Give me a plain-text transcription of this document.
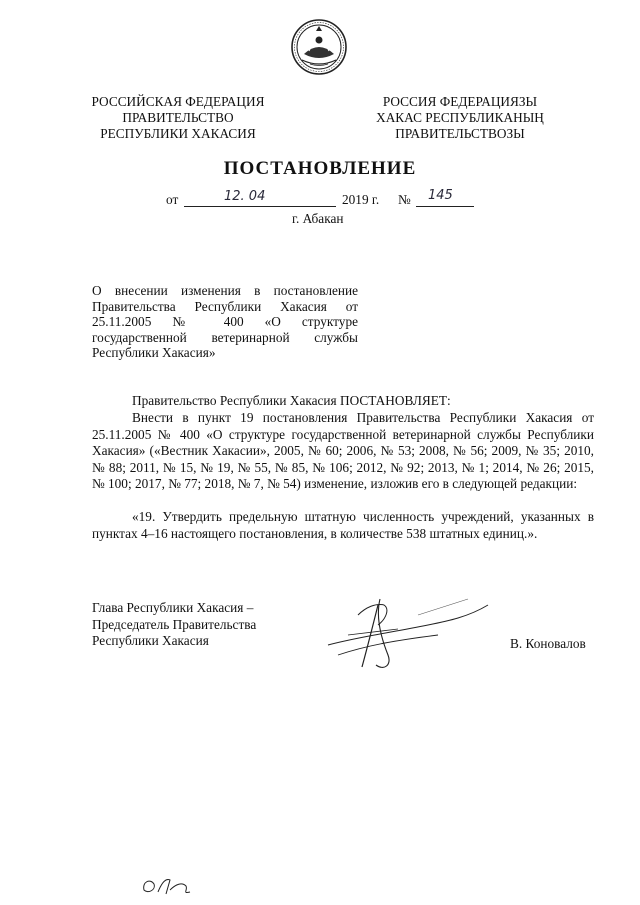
РОССИЙСКАЯ ФЕДЕРАЦИЯ
ПРАВИТЕЛЬСТВО
РЕСПУБЛИКИ ХАКАСИЯ
РОССИЯ ФЕДЕРАЦИЯЗЫ
ХАКАС РЕСПУБЛИКАНЫҢ
ПРАВИТЕЛЬСТВОЗЫ
ПОСТАНОВЛЕНИЕ
от	12. 04	2019 г. № 145
г. Абакан
О внесении изменения в постановление Правительства Республики Хакасия от 25.11.2005 № 400 «О структуре государственной ветеринарной службы Республики Хакасия»
Правительство Республики Хакасия ПОСТАНОВЛЯЕТ:
Внести в пункт 19 постановления Правительства Республики Хакасия от 25.11.2005 № 400 «О структуре государственной ветеринарной службы Республики Хакасия» («Вестник Хакасии», 2005, № 60; 2006, № 53; 2008, № 56; 2009, № 35; 2010, № 88; 2011, № 15, № 19, № 55, № 85, № 106; 2012, № 92; 2013, № 1; 2014, № 26; 2015, № 100; 2017, № 77; 2018, № 7, № 54) изменение, изложив его в следующей редакции:
«19. Утвердить предельную штатную численность учреждений, указанных в пунктах 4–16 настоящего постановления, в количестве 538 штатных единиц.».
Глава Республики Хакасия –
Председатель Правительства
Республики Хакасия	В. Коновалов
